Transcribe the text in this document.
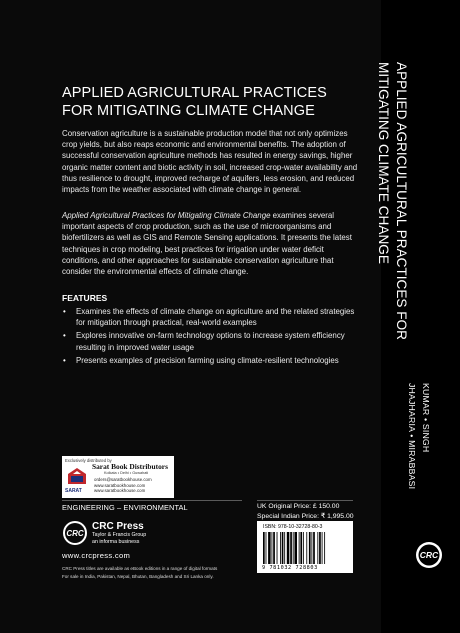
APPLIED AGRICULTURAL PRACTICES
FOR MITIGATING CLIMATE CHANGE

Conservation agriculture is a sustainable production model that not only optimizes crop yields, but also reaps economic and environmental benefits. The adoption of successful conservation agriculture methods has resulted in energy savings, higher organic matter content and biotic activity in soil, increased crop-water availability and thus resilience to drought, improved recharge of aquifers, less erosion, and reduced impacts from the weather associated with climate change in general.

Applied Agricultural Practices for Mitigating Climate Change examines several important aspects of crop production, such as the use of microorganisms and biofertilizers as well as GIS and Remote Sensing applications. It presents the latest techniques in crop modeling, best practices for irrigation under water deficit conditions, and other approaches for sustainable conservation agriculture that consider the environmental effects of climate change.

FEATURES
• Examines the effects of climate change on agriculture and the related strategies for mitigation through practical, real-world examples
• Explores innovative on-farm technology options to increase system efficiency resulting in improved water usage
• Presents examples of precision farming using climate-resilient technologies
Exclusively distributed by
SARAT
Sarat Book Distributors
Kolkata • Delhi • Guwahati
orders@saratbookhouse.com
www.saratbookhouse.com
www.saratbookhouse.com
ENGINEERING – ENVIRONMENTAL
CRC
CRC Press
Taylor & Francis Group
an informa business
www.crcpress.com
CRC Press titles are available as eBook editions in a range of digital formats
For sale in India, Pakistan, Nepal, Bhutan, Bangladesh and Sri Lanka only.
UK Original Price: £ 150.00
Special Indian Price: ₹ 1,995.00
ISBN: 978-10-32728-80-3
9 781032 728803
APPLIED AGRICULTURAL PRACTICES FOR
MITIGATING CLIMATE CHANGE
KUMAR • SINGH
JHAJHARIA • MIRABBASI
CRC
